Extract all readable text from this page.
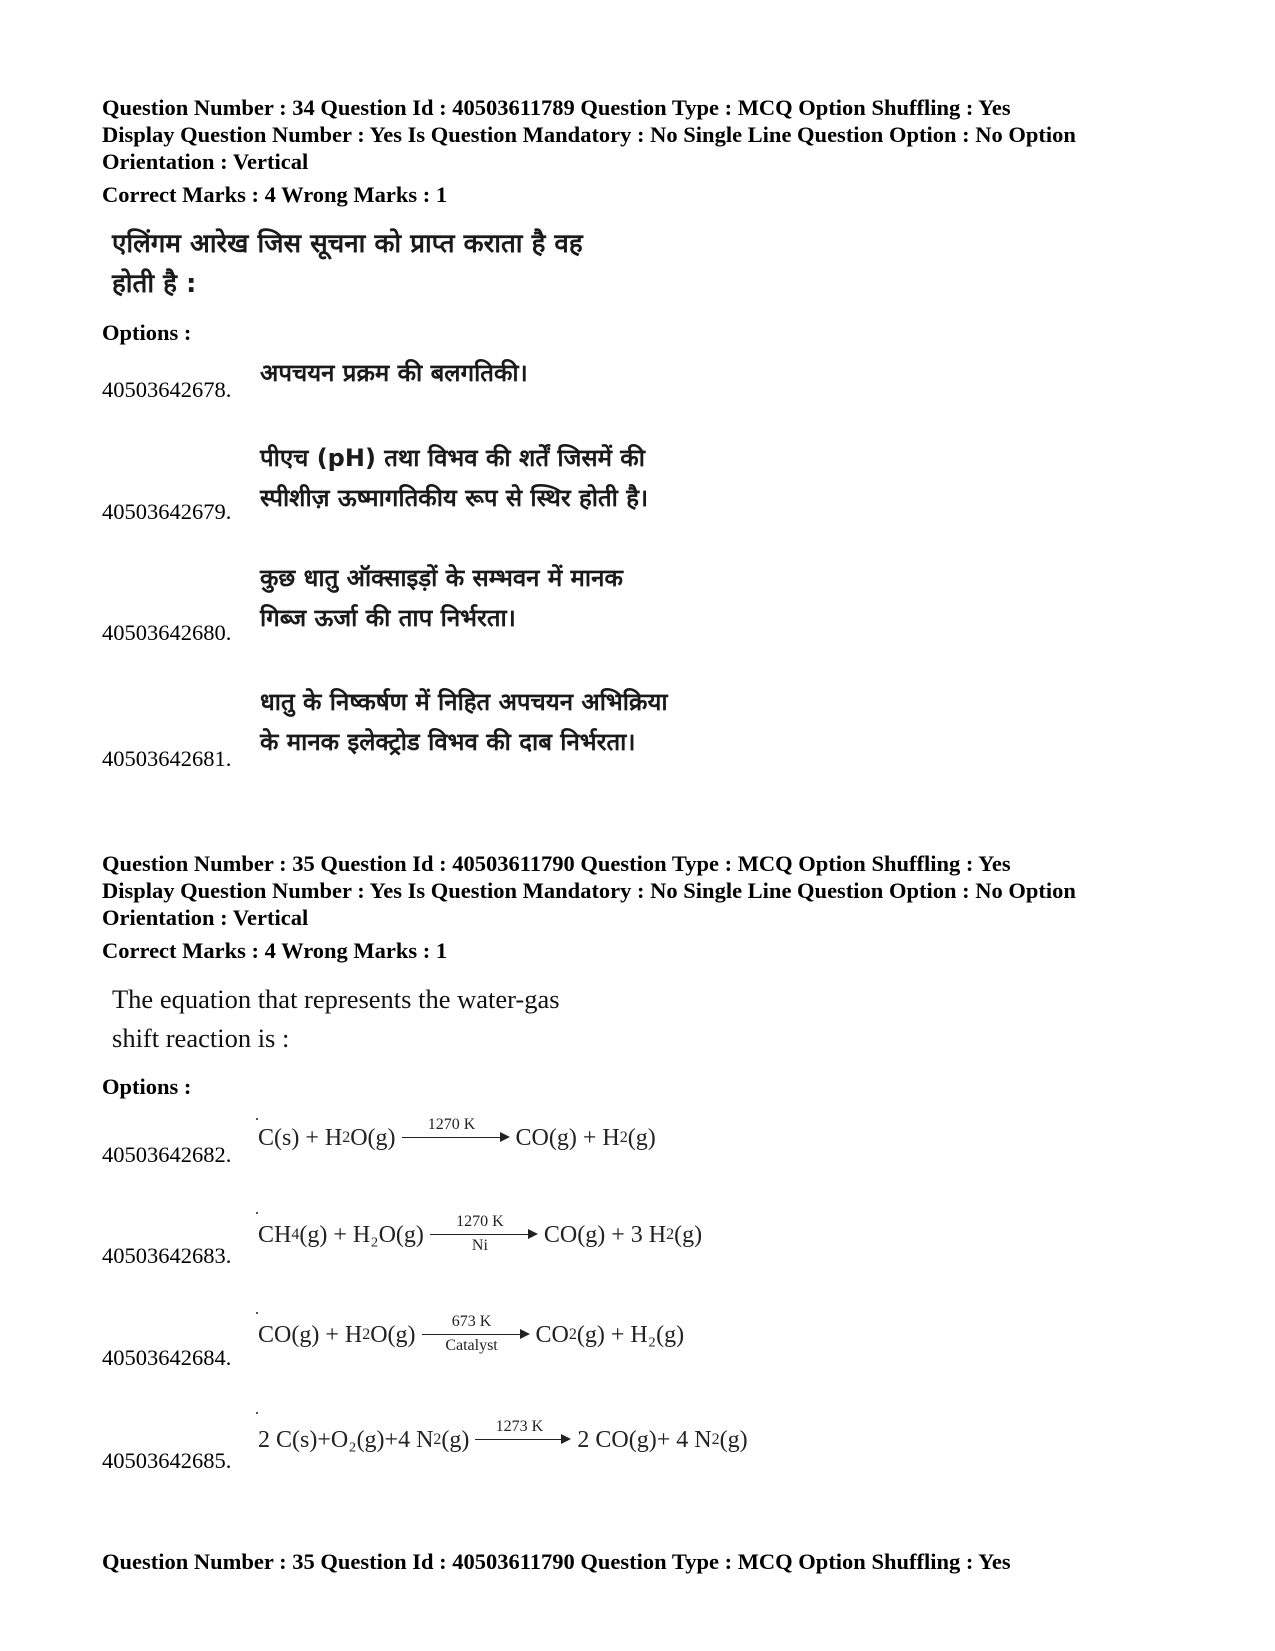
Question Number : 34 Question Id : 40503611789 Question Type : MCQ Option Shuffling : Yes
Display Question Number : Yes Is Question Mandatory : No Single Line Question Option : No Option
Orientation : Vertical
Correct Marks : 4 Wrong Marks : 1
एलिंगम आरेख जिस सूचना को प्राप्त कराता है वह
होती है :
Options :
अपचयन प्रक्रम की बलगतिकी।
40503642678.
पीएच (pH) तथा विभव की शर्तें जिसमें की
स्पीशीज़ ऊष्मागतिकीय रूप से स्थिर होती है।
40503642679.
कुछ धातु ऑक्साइड़ों के सम्भवन में मानक
गिब्ज ऊर्जा की ताप निर्भरता।
40503642680.
धातु के निष्कर्षण में निहित अपचयन अभिक्रिया
के मानक इलेक्ट्रोड विभव की दाब निर्भरता।
40503642681.
Question Number : 35 Question Id : 40503611790 Question Type : MCQ Option Shuffling : Yes
Display Question Number : Yes Is Question Mandatory : No Single Line Question Option : No Option
Orientation : Vertical
Correct Marks : 4 Wrong Marks : 1
The equation that represents the water-gas
shift reaction is :
Options :
C(s) + H 2 O(g)	1270 K	CO(g) + H 2 (g)
40503642682.
CH 4 (g) + H₂O(g)	1270 K
Ni	CO(g) + 3 H 2 (g)
40503642683.
CO(g) + H 2 O(g)	673 K
Catalyst	CO 2 (g) + H₂(g)
40503642684.
2 C(s)+O₂(g)+4 N 2 (g)	1273 K	2 CO(g)+ 4 N 2 (g)
40503642685.
Question Number : 35 Question Id : 40503611790 Question Type : MCQ Option Shuffling : Yes
